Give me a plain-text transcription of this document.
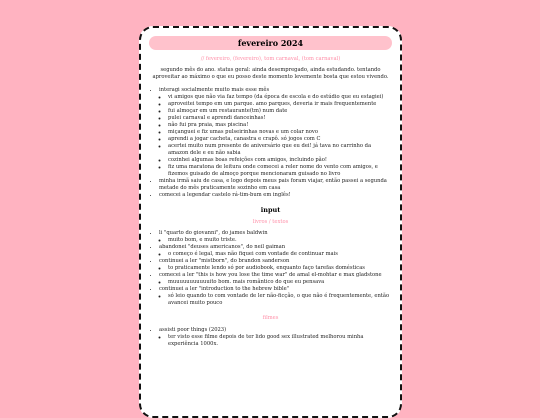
fevereiro 2024
// fevereiro, (fevereiro), tom carnaval, (tom carnaval)
segundo mês do ano. status geral: ainda desempregado, ainda estudando. tentando aproveitar ao máximo o que eu posso deste momento levemente bosta que estou vivendo.
• interagi socialmente muito mais esse mês
◦ vi amigos que não via faz tempo (da época de escola e do estúdio que eu estagiei)
◦ aproveitei tempo em um parque. amo parques, deveria ir mais frequentemente
◦ fui almoçar em um restaurante(tm) num date
◦ pulei carnaval e aprendi danceinhas!
◦ não fui pra praia, mas piscina!
◦ miçanguei e fiz umas pulseirinhas novas e um colar novo
◦ aprendi a jogar cacheta, canastra e crapô. só jogos com C
◦ acertei muito num presente de aniversário que eu dei! já tava no carrinho da amazon dele e eu não sabia
◦ cozinhei algumas boas refeições com amigos, incluindo pão!
◦ fiz uma maratona de leitura onde comecei a reler nome do vento com amigos, e fizemos guisado de almoço porque mencionaram guisado no livro
• minha irmã saiu de casa, e logo depois meus pais foram viajar, então passei a segunda metade do mês praticamente sozinho em casa
• comecei a legendar castelo rá-tim-bum em inglês!
input
livros / textos
• li "quarto do giovanni", do james baldwin
◦ muito bom, e muito triste.
• abandonei "deuses americanos", do neil gaiman
◦ o começo é legal, mas não fiquei com vontade de continuar mais
• continuei a ler "mistborn", do brandon sanderson
◦ to praticamente lendo só por audiobook, enquanto faço tarefas domésticas
• comecei a ler "this is how you lose the time war" de amal el-mohtar e max gladstone
◦ muuuuuuuuuuuito bom. mais romântico do que eu pensava
• continuei a ler "introduction to the hebrew bible"
◦ só leio quando to com vontade de ler não-ficção, o que não é frequentemente, então avancei muito pouco
filmes
• assisti poor things (2023)
◦ ter visto esse filme depois de ter lido good sex illustrated melhorou minha experiência 1000x.
